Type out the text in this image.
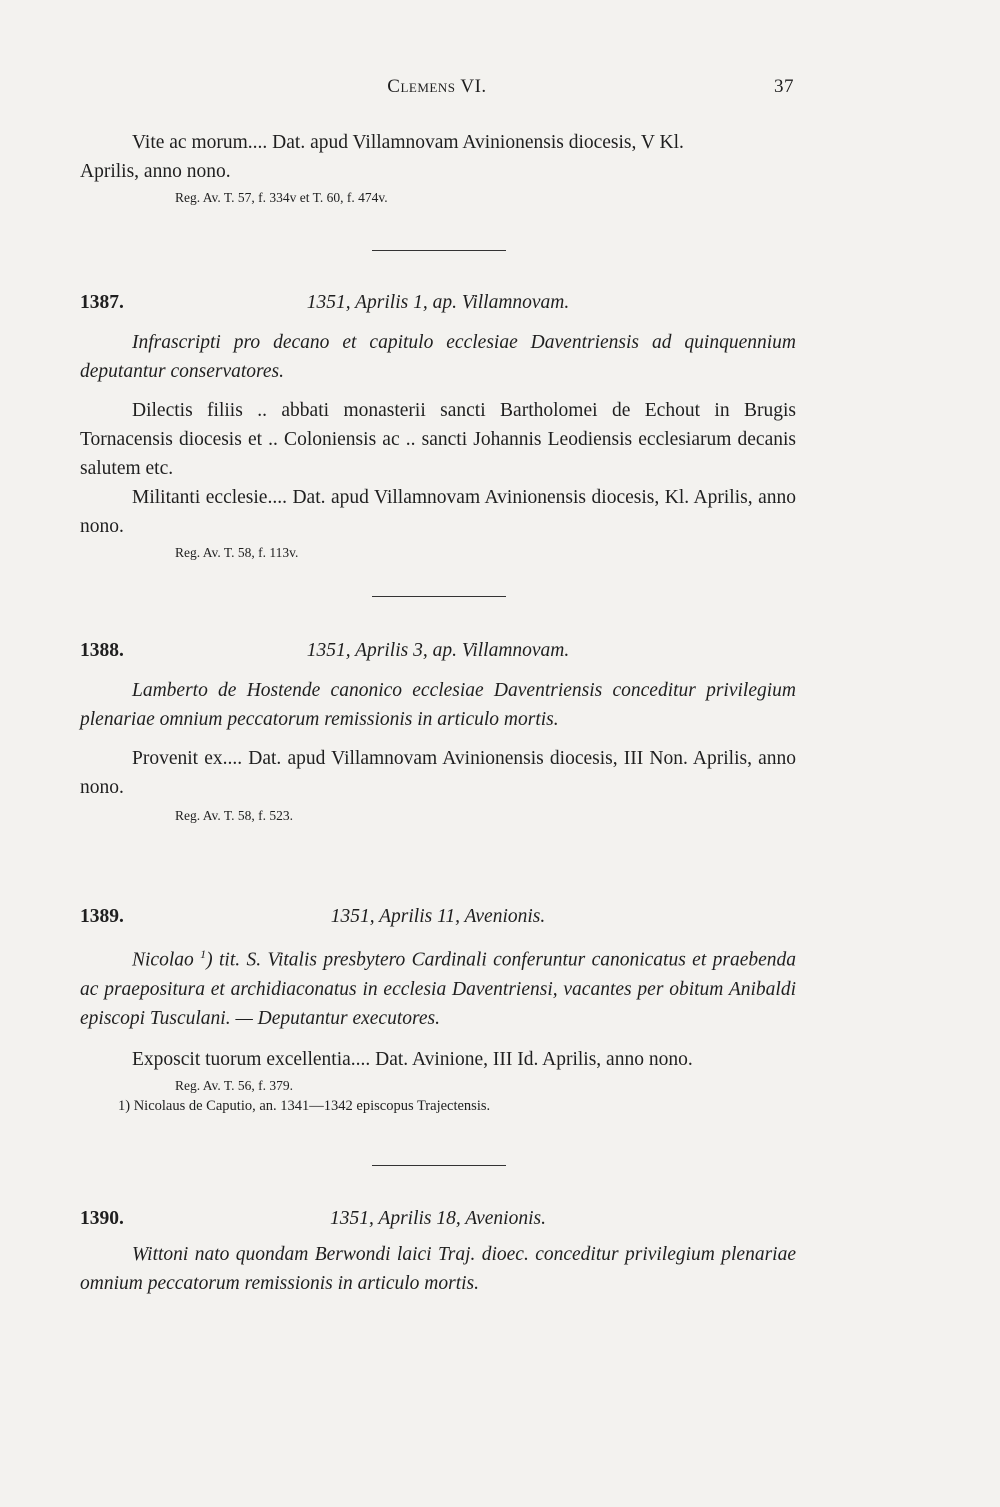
Clemens VI.	37
Vite ac morum.... Dat. apud Villamnovam Avinionensis diocesis, V Kl.
Aprilis, anno nono.
Reg. Av. T. 57, f. 334v et T. 60, f. 474v.
1387.	1351, Aprilis 1, ap. Villamnovam.
Infrascripti pro decano et capitulo ecclesiae Daventriensis ad quinquennium deputantur conservatores.
Dilectis filiis .. abbati monasterii sancti Bartholomei de Echout in Brugis Tornacensis diocesis et .. Coloniensis ac .. sancti Johannis Leodiensis ecclesiarum decanis salutem etc.
Militanti ecclesie.... Dat. apud Villamnovam Avinionensis diocesis, Kl. Aprilis, anno nono.
Reg. Av. T. 58, f. 113v.
1388.	1351, Aprilis 3, ap. Villamnovam.
Lamberto de Hostende canonico ecclesiae Daventriensis conceditur privilegium plenariae omnium peccatorum remissionis in articulo mortis.
Provenit ex.... Dat. apud Villamnovam Avinionensis diocesis, III Non. Aprilis, anno nono.
Reg. Av. T. 58, f. 523.
1389.	1351, Aprilis 11, Avenionis.
Nicolao $^1$) tit. S. Vitalis presbytero Cardinali conferuntur canonicatus et praebenda ac praepositura et archidiaconatus in ecclesia Daventriensi, vacantes per obitum Anibaldi episcopi Tusculani. — Deputantur executores.
Exposcit tuorum excellentia.... Dat. Avinione, III Id. Aprilis, anno nono.
Reg. Av. T. 56, f. 379.
1) Nicolaus de Caputio, an. 1341—1342 episcopus Trajectensis.
1390.	1351, Aprilis 18, Avenionis.
Wittoni nato quondam Berwondi laici Traj. dioec. conceditur privilegium plenariae omnium peccatorum remissionis in articulo mortis.
